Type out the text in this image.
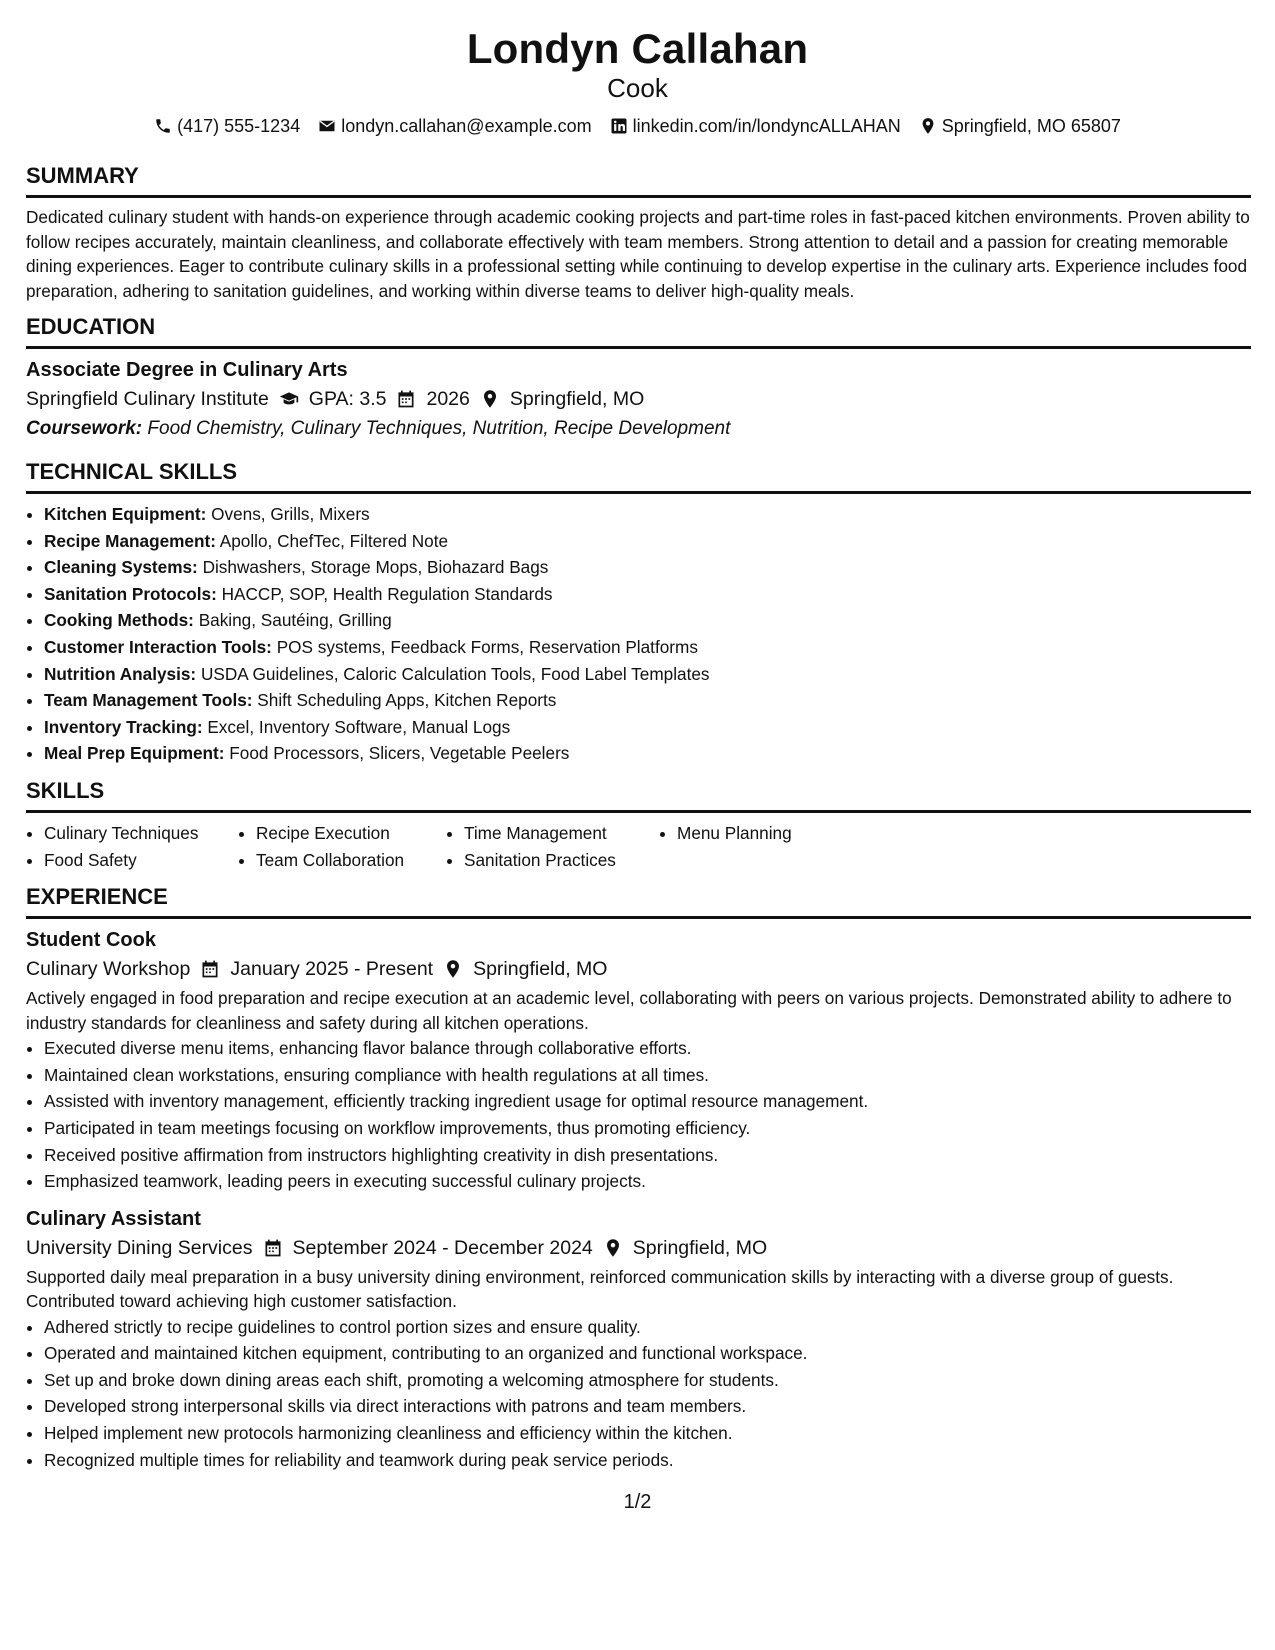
Londyn Callahan
Cook
(417) 555-1234 londyn.callahan@example.com linkedin.com/in/londyncALLAHAN Springfield, MO 65807
SUMMARY

Dedicated culinary student with hands-on experience through academic cooking projects and part-time roles in fast-paced kitchen environments. Proven ability to follow recipes accurately, maintain cleanliness, and collaborate effectively with team members. Strong attention to detail and a passion for creating memorable dining experiences. Eager to contribute culinary skills in a professional setting while continuing to develop expertise in the culinary arts. Experience includes food preparation, adhering to sanitation guidelines, and working within diverse teams to deliver high-quality meals.

EDUCATION
Associate Degree in Culinary Arts
Springfield Culinary Institute GPA: 3.5 2026 Springfield, MO
Coursework: Food Chemistry, Culinary Techniques, Nutrition, Recipe Development
TECHNICAL SKILLS
• Kitchen Equipment: Ovens, Grills, Mixers
• Recipe Management: Apollo, ChefTec, Filtered Note
• Cleaning Systems: Dishwashers, Storage Mops, Biohazard Bags
• Sanitation Protocols: HACCP, SOP, Health Regulation Standards
• Cooking Methods: Baking, Sautéing, Grilling
• Customer Interaction Tools: POS systems, Feedback Forms, Reservation Platforms
• Nutrition Analysis: USDA Guidelines, Caloric Calculation Tools, Food Label Templates
• Team Management Tools: Shift Scheduling Apps, Kitchen Reports
• Inventory Tracking: Excel, Inventory Software, Manual Logs
• Meal Prep Equipment: Food Processors, Slicers, Vegetable Peelers
SKILLS
• Culinary Techniques
• Food Safety
• Recipe Execution
• Team Collaboration
• Time Management
• Sanitation Practices
• Menu Planning
EXPERIENCE
Student Cook
Culinary Workshop January 2025 - Present Springfield, MO

Actively engaged in food preparation and recipe execution at an academic level, collaborating with peers on various projects. Demonstrated ability to adhere to industry standards for cleanliness and safety during all kitchen operations.

• Executed diverse menu items, enhancing flavor balance through collaborative efforts.
• Maintained clean workstations, ensuring compliance with health regulations at all times.
• Assisted with inventory management, efficiently tracking ingredient usage for optimal resource management.
• Participated in team meetings focusing on workflow improvements, thus promoting efficiency.
• Received positive affirmation from instructors highlighting creativity in dish presentations.
• Emphasized teamwork, leading peers in executing successful culinary projects.
Culinary Assistant
University Dining Services September 2024 - December 2024 Springfield, MO

Supported daily meal preparation in a busy university dining environment, reinforced communication skills by interacting with a diverse group of guests. Contributed toward achieving high customer satisfaction.

• Adhered strictly to recipe guidelines to control portion sizes and ensure quality.
• Operated and maintained kitchen equipment, contributing to an organized and functional workspace.
• Set up and broke down dining areas each shift, promoting a welcoming atmosphere for students.
• Developed strong interpersonal skills via direct interactions with patrons and team members.
• Helped implement new protocols harmonizing cleanliness and efficiency within the kitchen.
• Recognized multiple times for reliability and teamwork during peak service periods.
1/2
